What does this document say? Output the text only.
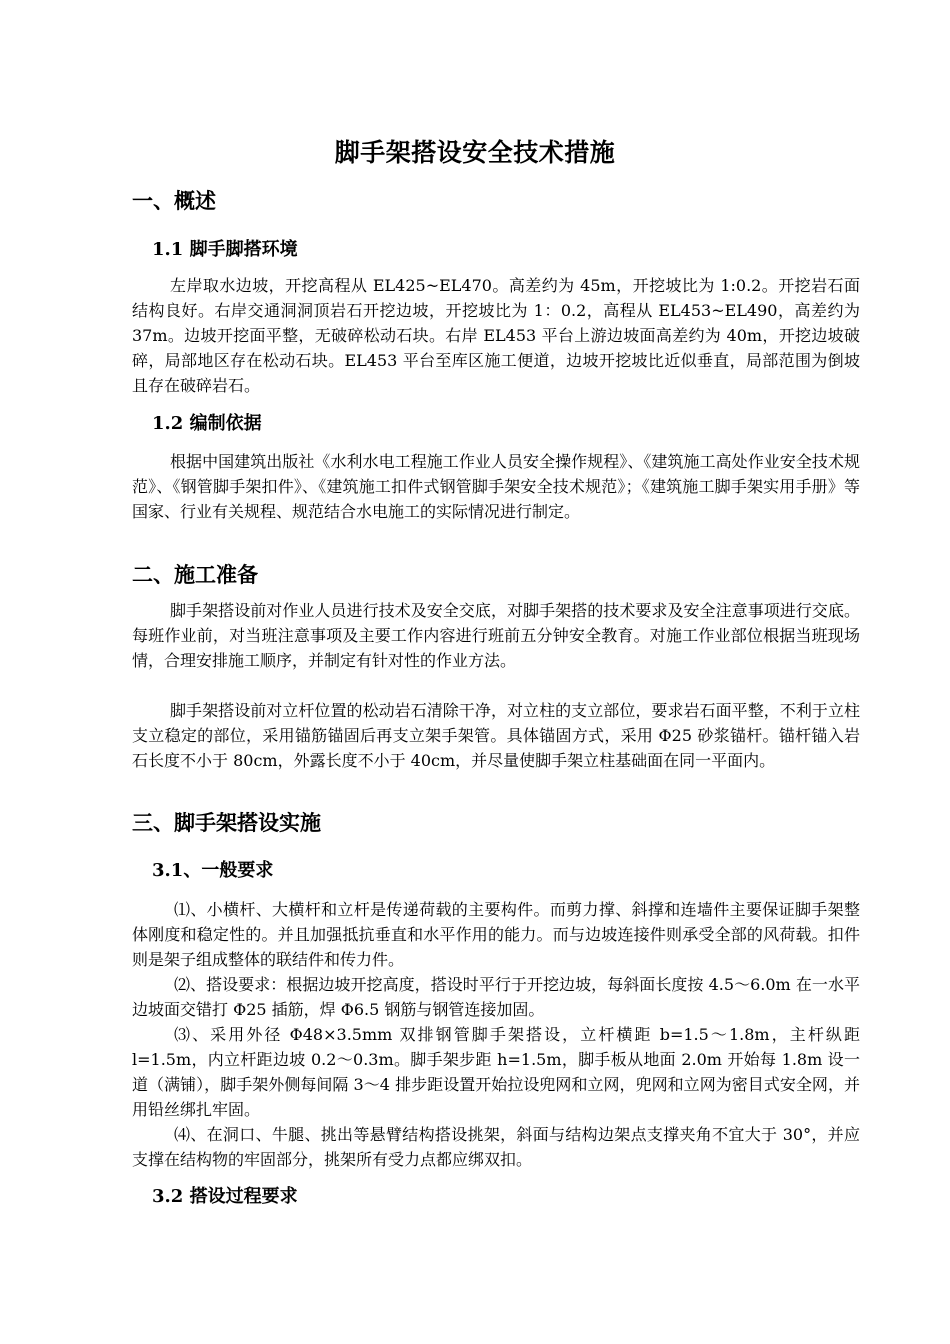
脚手架搭设安全技术措施
一、概述
1.1 脚手脚搭环境
左岸取水边坡，开挖高程从 EL425~EL470。高差约为 45m，开挖坡比为 1:0.2。开挖岩石面结构良好。右岸交通洞洞顶岩石开挖边坡，开挖坡比为 1：0.2，高程从 EL453~EL490，高差约为 37m。边坡开挖面平整，无破碎松动石块。右岸 EL453 平台上游边坡面高差约为 40m，开挖边坡破碎，局部地区存在松动石块。EL453 平台至库区施工便道，边坡开挖坡比近似垂直，局部范围为倒坡且存在破碎岩石。
1.2 编制依据
根据中国建筑出版社《水利水电工程施工作业人员安全操作规程》、《建筑施工高处作业安全技术规范》、《钢管脚手架扣件》、《建筑施工扣件式钢管脚手架安全技术规范》；《建筑施工脚手架实用手册》等国家、行业有关规程、规范结合水电施工的实际情况进行制定。
二、施工准备
脚手架搭设前对作业人员进行技术及安全交底，对脚手架搭的技术要求及安全注意事项进行交底。每班作业前，对当班注意事项及主要工作内容进行班前五分钟安全教育。对施工作业部位根据当班现场情，合理安排施工顺序，并制定有针对性的作业方法。
脚手架搭设前对立杆位置的松动岩石清除干净，对立柱的支立部位，要求岩石面平整，不利于立柱支立稳定的部位，采用锚筋锚固后再支立架手架管。具体锚固方式，采用 Φ25 砂浆锚杆。锚杆锚入岩石长度不小于 80cm，外露长度不小于 40cm，并尽量使脚手架立柱基础面在同一平面内。
三、脚手架搭设实施
3.1、一般要求
⑴、小横杆、大横杆和立杆是传递荷载的主要构件。而剪力撑、斜撑和连墙件主要保证脚手架整体刚度和稳定性的。并且加强抵抗垂直和水平作用的能力。而与边坡连接件则承受全部的风荷载。扣件则是架子组成整体的联结件和传力件。
⑵、搭设要求：根据边坡开挖高度，搭设时平行于开挖边坡，每斜面长度按 4.5～6.0m 在一水平边坡面交错打 Φ25 插筋，焊 Φ6.5 钢筋与钢管连接加固。
⑶、采用外径 Φ48×3.5mm 双排钢管脚手架搭设，立杆横距 b=1.5～1.8m，主杆纵距 l=1.5m，内立杆距边坡 0.2～0.3m。脚手架步距 h=1.5m，脚手板从地面 2.0m 开始每 1.8m 设一道（满铺），脚手架外侧每间隔 3～4 排步距设置开始拉设兜网和立网，兜网和立网为密目式安全网，并用铅丝绑扎牢固。
⑷、在洞口、牛腿、挑出等悬臂结构搭设挑架，斜面与结构边架点支撑夹角不宜大于 30°，并应支撑在结构物的牢固部分，挑架所有受力点都应绑双扣。
3.2 搭设过程要求
